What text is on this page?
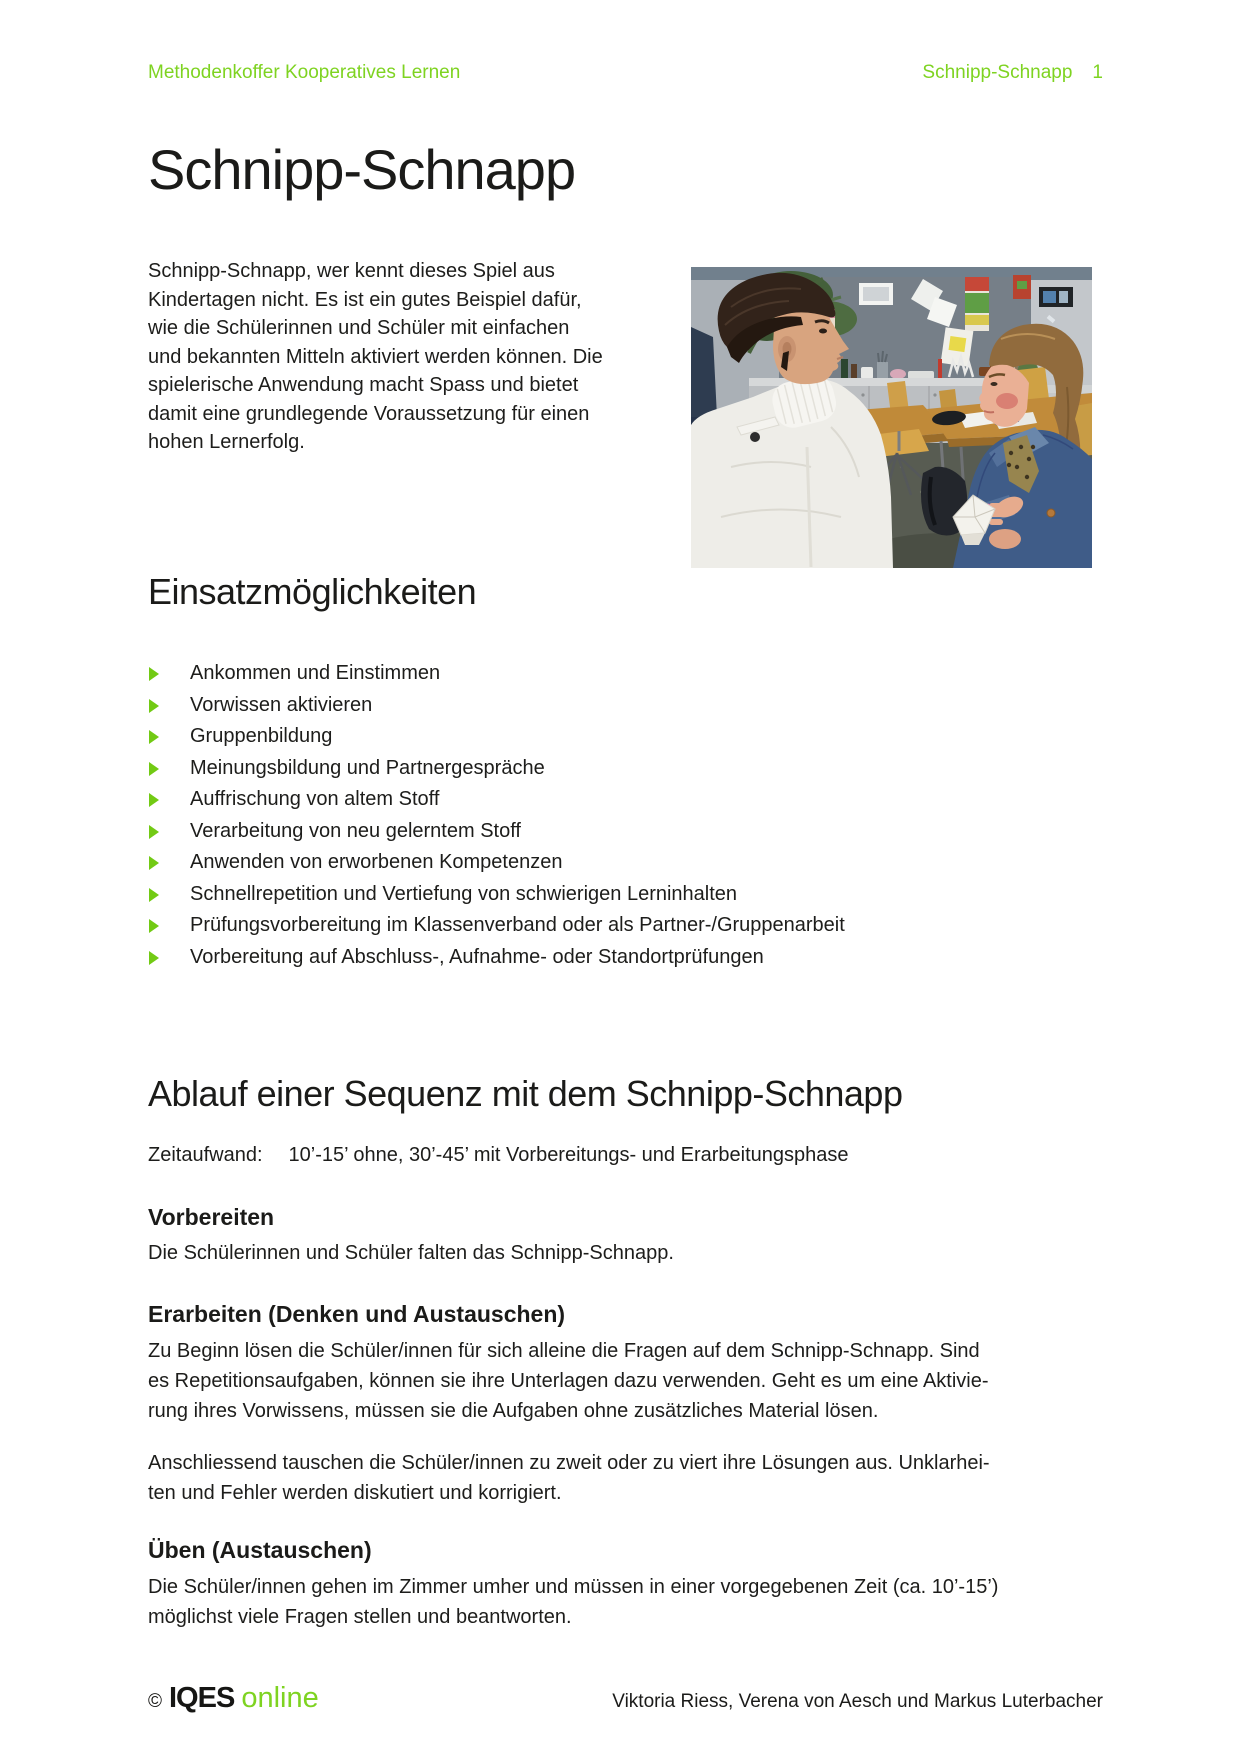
Methodenkoffer Kooperatives Lernen	Schnipp-Schnapp 1
Schnipp-Schnapp
Schnipp-Schnapp, wer kennt dieses Spiel aus
Kindertagen nicht. Es ist ein gutes Beispiel dafür,
wie die Schülerinnen und Schüler mit einfachen
und bekannten Mitteln aktiviert werden können. Die
spielerische Anwendung macht Spass und bietet
damit eine grundlegende Voraussetzung für einen
hohen Lernerfolg.
Einsatzmöglichkeiten
Ankommen und Einstimmen
Vorwissen aktivieren
Gruppenbildung
Meinungsbildung und Partnergespräche
Auffrischung von altem Stoff
Verarbeitung von neu gelerntem Stoff
Anwenden von erworbenen Kompetenzen
Schnellrepetition und Vertiefung von schwierigen Lerninhalten
Prüfungsvorbereitung im Klassenverband oder als Partner-/Gruppenarbeit
Vorbereitung auf Abschluss-, Aufnahme- oder Standortprüfungen
Ablauf einer Sequenz mit dem Schnipp-Schnapp
Zeitaufwand: 10’-15’ ohne, 30’-45’ mit Vorbereitungs- und Erarbeitungsphase
Vorbereiten
Die Schülerinnen und Schüler falten das Schnipp-Schnapp.
Erarbeiten (Denken und Austauschen)
Zu Beginn lösen die Schüler/innen für sich alleine die Fragen auf dem Schnipp-Schnapp. Sind
es Repetitionsaufgaben, können sie ihre Unterlagen dazu verwenden. Geht es um eine Aktivie-
rung ihres Vorwissens, müssen sie die Aufgaben ohne zusätzliches Material lösen.
Anschliessend tauschen die Schüler/innen zu zweit oder zu viert ihre Lösungen aus. Unklarhei-
ten und Fehler werden diskutiert und korrigiert.
Üben (Austauschen)
Die Schüler/innen gehen im Zimmer umher und müssen in einer vorgegebenen Zeit (ca. 10’-15’)
möglichst viele Fragen stellen und beantworten.
© IQES online	Viktoria Riess, Verena von Aesch und Markus Luterbacher
